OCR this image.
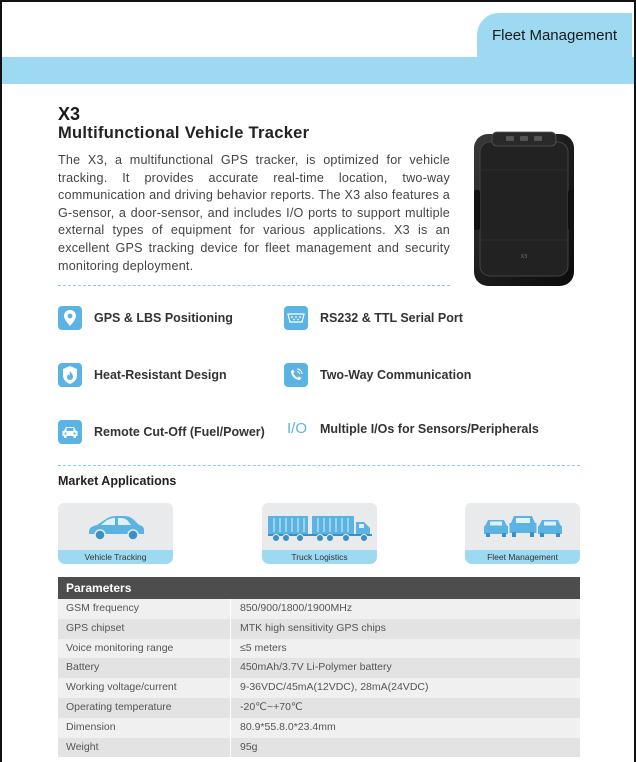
Fleet Management
X3
Multifunctional Vehicle Tracker
The X3, a multifunctional GPS tracker, is optimized for vehicle tracking. It provides accurate real-time location, two-way communication and driving behavior reports. The X3 also features a G-sensor, a door-sensor, and includes I/O ports to support multiple external types of equipment for various applications. X3 is an excellent GPS tracking device for fleet management and security monitoring deployment.
X3
GPS & LBS Positioning	RS232 & TTL Serial Port
Heat-Resistant Design	Two-Way Communication
Remote Cut-Off (Fuel/Power) I/O Multiple I/Os for Sensors/Peripherals
Market Applications
Vehicle Tracking	Truck Logistics	Fleet Management
Parameters
GSM frequency	850/900/1800/1900MHz
GPS chipset	MTK high sensitivity GPS chips
Voice monitoring range	≤5 meters
Battery	450mAh/3.7V Li-Polymer battery
Working voltage/current	9-36VDC/45mA(12VDC), 28mA(24VDC)
Operating temperature	-20℃~+70℃
Dimension	80.9*55.8.0*23.4mm
Weight	95g
